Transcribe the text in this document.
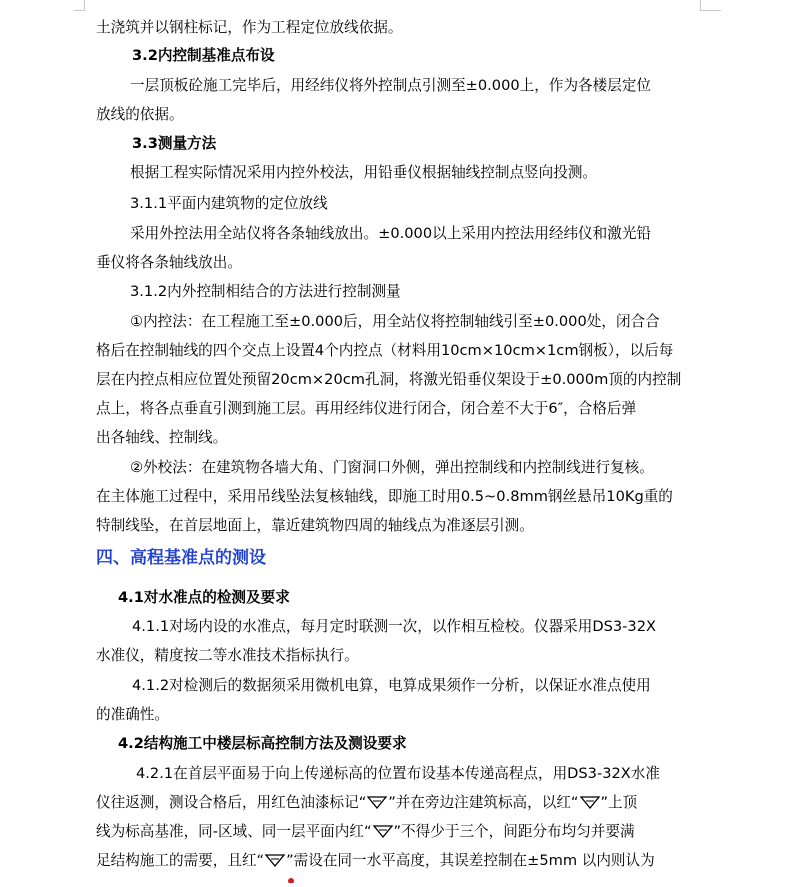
土浇筑并以钢柱标记，作为工程定位放线依据。
3.2内控制基准点布设
一层顶板砼施工完毕后，用经纬仪将外控制点引测至±0.000上，作为各楼层定位
放线的依据。
3.3测量方法
根据工程实际情况采用内控外校法，用铅垂仪根据轴线控制点竖向投测。
3.1.1平面内建筑物的定位放线
采用外控法用全站仪将各条轴线放出。±0.000以上采用内控法用经纬仪和激光铅
垂仪将各条轴线放出。
3.1.2内外控制相结合的方法进行控制测量
①内控法：在工程施工至±0.000后，用全站仪将控制轴线引至±0.000处，闭合合
格后在控制轴线的四个交点上设置4个内控点（材料用10cm×10cm×1cm钢板），以后每
层在内控点相应位置处预留20cm×20cm孔洞，将激光铅垂仪架设于±0.000m顶的内控制
点上，将各点垂直引测到施工层。再用经纬仪进行闭合，闭合差不大于6″，合格后弹
出各轴线、控制线。
②外校法：在建筑物各墙大角、门窗洞口外侧，弹出控制线和内控制线进行复核。
在主体施工过程中，采用吊线坠法复核轴线，即施工时用0.5~0.8mm钢丝悬吊10Kg重的
特制线坠，在首层地面上，靠近建筑物四周的轴线点为准逐层引测。
四、高程基准点的测设
4.1对水准点的检测及要求
4.1.1对场内设的水准点，每月定时联测一次，以作相互检校。仪器采用DS3-32X
水准仪，精度按二等水准技术指标执行。
4.1.2对检测后的数据须采用微机电算，电算成果须作一分析，以保证水准点使用
的准确性。
4.2结构施工中楼层标高控制方法及测设要求
4.2.1在首层平面易于向上传递标高的位置布设基本传递高程点，用DS3-32X水准
仪往返测，测设合格后，用红色油漆标记“ ”并在旁边注建筑标高，以红“ ”上顶
线为标高基准，同-区域、同一层平面内红“ ”不得少于三个，间距分布均匀并要满
足结构施工的需要，且红“ ”需设在同一水平高度，其误差控制在±5mm 以内则认为
